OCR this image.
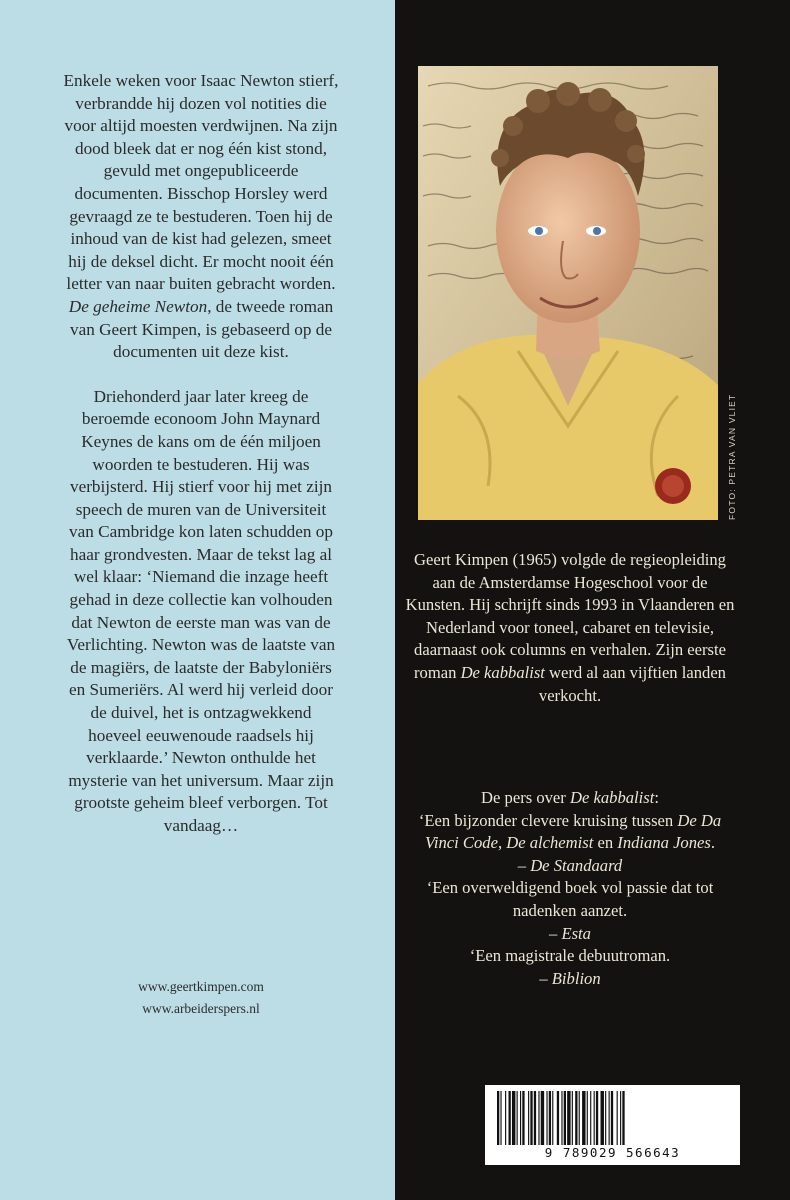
Enkele weken voor Isaac Newton stierf, verbrandde hij dozen vol notities die voor altijd moesten verdwijnen. Na zijn dood bleek dat er nog één kist stond, gevuld met ongepubliceerde documenten. Bisschop Horsley werd gevraagd ze te bestuderen. Toen hij de inhoud van de kist had gelezen, smeet hij de deksel dicht. Er mocht nooit één letter van naar buiten gebracht worden. De geheime Newton, de tweede roman van Geert Kimpen, is gebaseerd op de documenten uit deze kist.

Driehonderd jaar later kreeg de beroemde econoom John Maynard Keynes de kans om de één miljoen woorden te bestuderen. Hij was verbijsterd. Hij stierf voor hij met zijn speech de muren van de Universiteit van Cambridge kon laten schudden op haar grondvesten. Maar de tekst lag al wel klaar: ‘Niemand die inzage heeft gehad in deze collectie kan volhouden dat Newton de eerste man was van de Verlichting. Newton was de laatste van de magiërs, de laatste der Babyloniërs en Sumeriërs. Al werd hij verleid door de duivel, het is ontzagwekkend hoeveel eeuwenoude raadsels hij verklaarde.’ Newton onthulde het mysterie van het universum. Maar zijn grootste geheim bleef verborgen. Tot vandaag…

www.geertkimpen.com
www.arbeiderspers.nl
FOTO: PETRA VAN VLIET
Geert Kimpen (1965) volgde de regieopleiding aan de Amsterdamse Hogeschool voor de Kunsten. Hij schrijft sinds 1993 in Vlaanderen en Nederland voor toneel, cabaret en televisie, daarnaast ook columns en verhalen. Zijn eerste roman De kabbalist werd al aan vijftien landen verkocht.
De pers over De kabbalist:
‘Een bijzonder clevere kruising tussen De Da Vinci Code, De alchemist en Indiana Jones.
– De Standaard
‘Een overweldigend boek vol passie dat tot nadenken aanzet.
– Esta
‘Een magistrale debuutroman.
– Biblion
9 789029 566643
